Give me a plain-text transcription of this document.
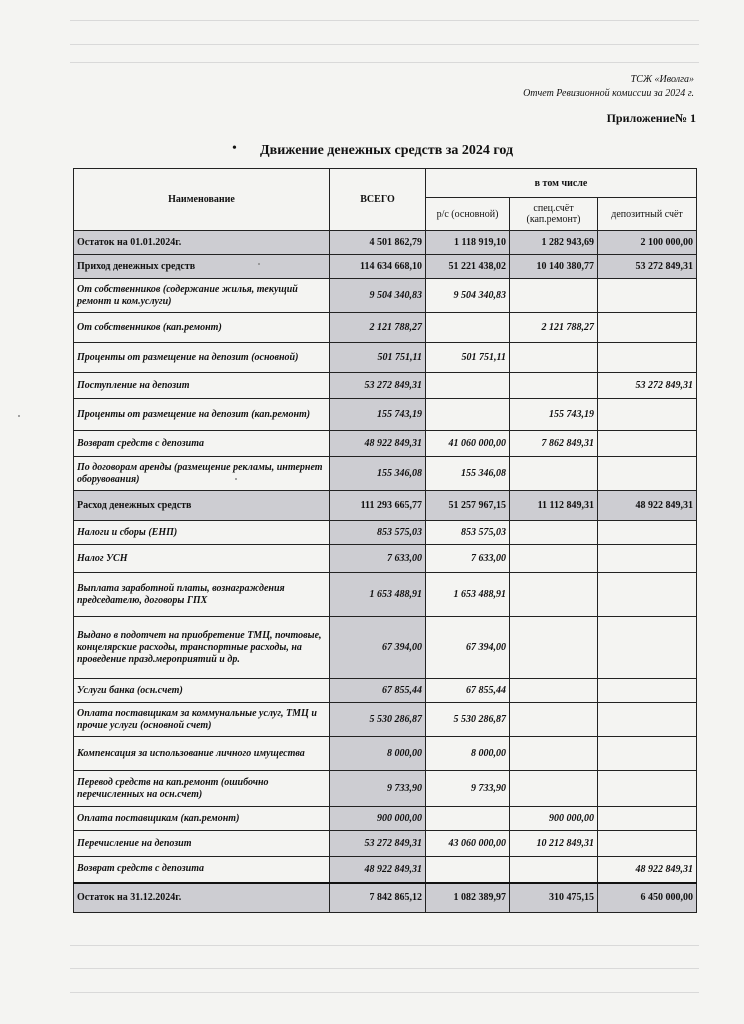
ТСЖ «Иволга»
Отчет Ревизионной комиссии за 2024 г.
Приложение№ 1
• Движение денежных средств за 2024 год
Наименование	ВСЕГО	в том числе		
		р/с (основной)	спец.счёт (кап.ремонт)	депозитный счёт
Остаток на 01.01.2024г.	4 501 862,79	1 118 919,10	1 282 943,69	2 100 000,00
Приход денежных средств	114 634 668,10	51 221 438,02	10 140 380,77	53 272 849,31
От собственников (содержание жилья, текущий ремонт и ком.услуги)	9 504 340,83	9 504 340,83		
От собственников (кап.ремонт)	2 121 788,27		2 121 788,27	
Проценты от размещение на депозит (основной)	501 751,11	501 751,11		
Поступление на депозит	53 272 849,31			53 272 849,31
Проценты от размещение на депозит (кап.ремонт)	155 743,19		155 743,19	
Возврат средств с депозита	48 922 849,31	41 060 000,00	7 862 849,31	
По договорам аренды (размещение рекламы, интернет оборувования)	155 346,08	155 346,08		
Расход денежных средств	111 293 665,77	51 257 967,15	11 112 849,31	48 922 849,31
Налоги и сборы (ЕНП)	853 575,03	853 575,03		
Налог УСН	7 633,00	7 633,00		
Выплата заработной платы, вознаграждения председателю, договоры ГПХ	1 653 488,91	1 653 488,91		
Выдано в подотчет на приобретение ТМЦ, почтовые, концелярские расходы, транспортные расходы, на проведение празд.мероприятий и др.	67 394,00	67 394,00		
Услуги банка (осн.счет)	67 855,44	67 855,44		
Оплата поставщикам за коммунальные услуг, ТМЦ и прочие услуги (основной счет)	5 530 286,87	5 530 286,87		
Компенсация за использование личного имущества	8 000,00	8 000,00		
Перевод средств на кап.ремонт (ошибочно перечисленных на осн.счет)	9 733,90	9 733,90		
Оплата поставщикам (кап.ремонт)	900 000,00		900 000,00	
Перечисление на депозит	53 272 849,31	43 060 000,00	10 212 849,31	
Возврат средств с депозита	48 922 849,31			48 922 849,31
Остаток на 31.12.2024г.	7 842 865,12	1 082 389,97	310 475,15	6 450 000,00
